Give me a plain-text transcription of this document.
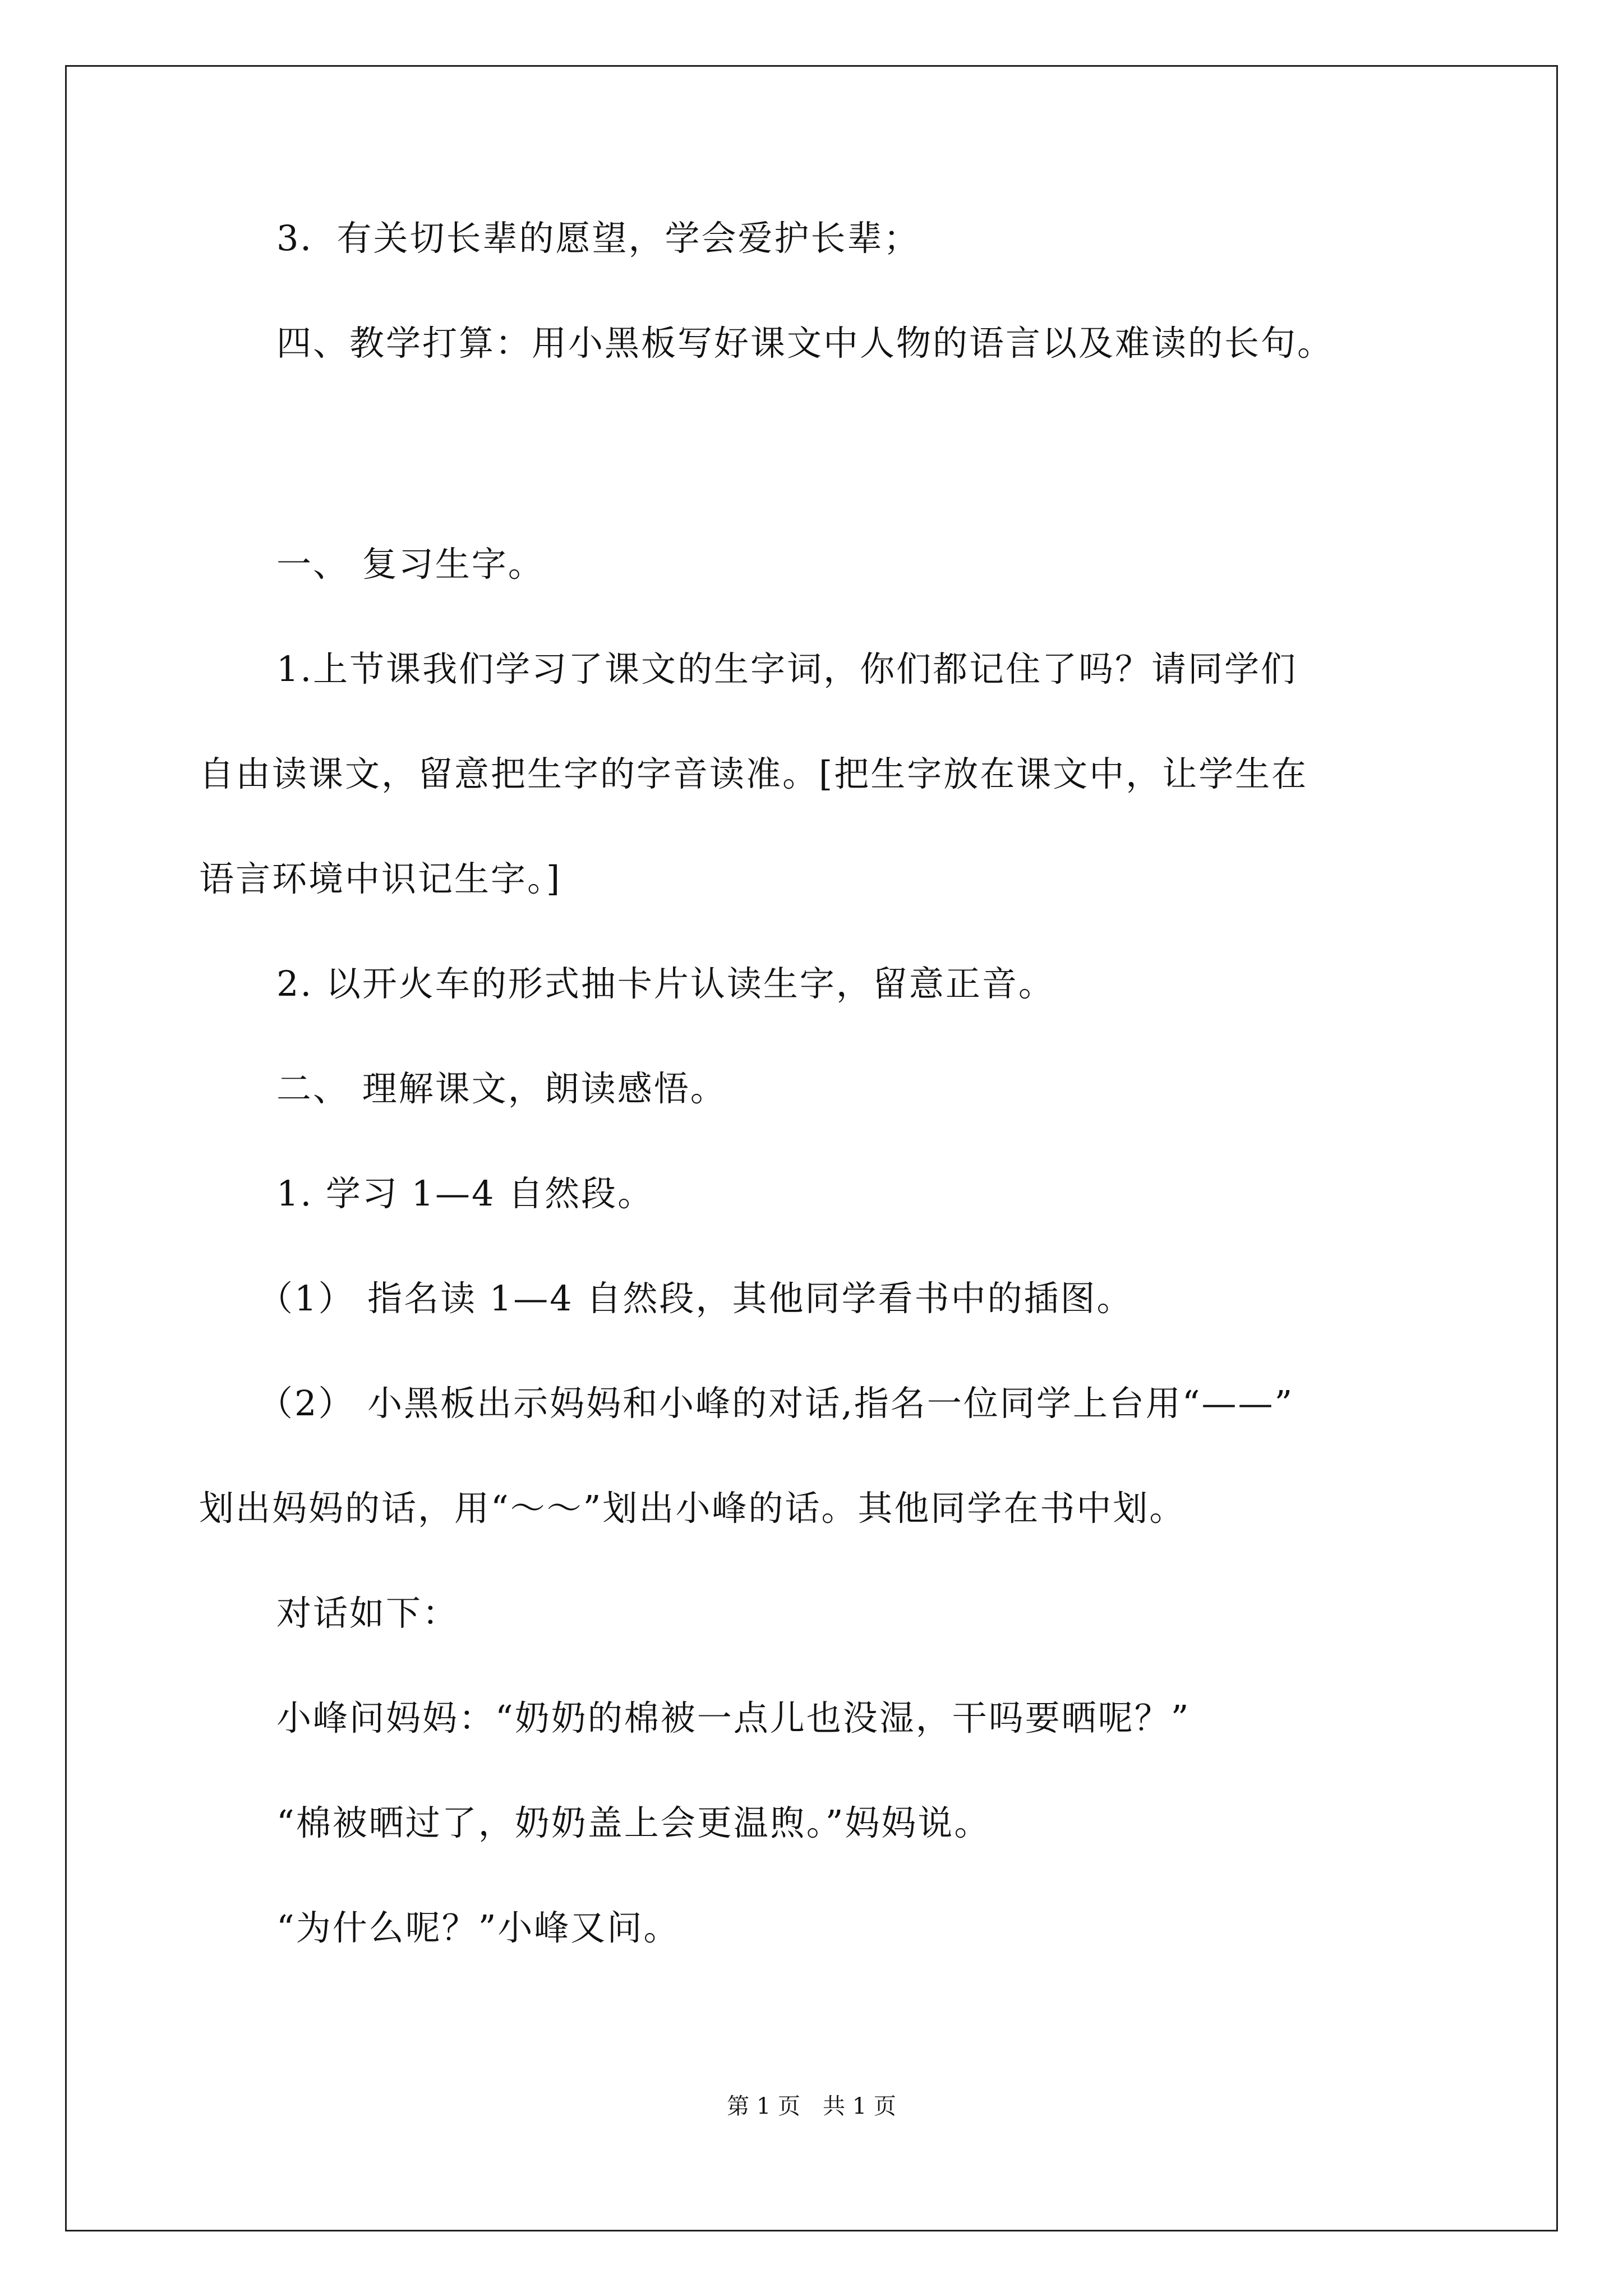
3．有关切长辈的愿望，学会爱护长辈；
四、教学打算：用小黑板写好课文中人物的语言以及难读的长句。
一、 复习生字。
1.上节课我们学习了课文的生字词，你们都记住了吗？请同学们
自由读课文，留意把生字的字音读准。[把生字放在课文中，让学生在
语言环境中识记生字。]
2. 以开火车的形式抽卡片认读生字，留意正音。
二、 理解课文，朗读感悟。
1. 学习 1—4 自然段。
（1） 指名读 1—4 自然段，其他同学看书中的插图。
（2） 小黑板出示妈妈和小峰的对话,指名一位同学上台用“——”
划出妈妈的话，用“～～”划出小峰的话。其他同学在书中划。
对话如下：
小峰问妈妈：“奶奶的棉被一点儿也没湿，干吗要晒呢？”
“棉被晒过了，奶奶盖上会更温煦。”妈妈说。
“为什么呢？”小峰又问。
第 1 页　共 1 页
